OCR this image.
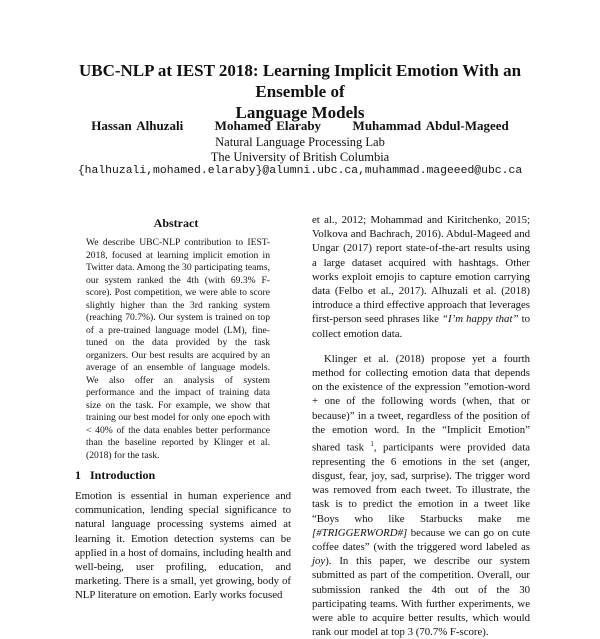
UBC-NLP at IEST 2018: Learning Implicit Emotion With an Ensemble of
Language Models
Hassan Alhuzali      Mohamed Elaraby      Muhammad Abdul-Mageed
Natural Language Processing Lab
The University of British Columbia
{halhuzali,mohamed.elaraby}@alumni.ubc.ca,muhammad.mageeed@ubc.ca
Abstract

We describe UBC-NLP contribution to IEST-2018, focused at learning implicit emotion in Twitter data. Among the 30 participating teams, our system ranked the 4th (with 69.3% F-score). Post competition, we were able to score slightly higher than the 3rd ranking system (reaching 70.7%). Our system is trained on top of a pre-trained language model (LM), fine-tuned on the data provided by the task organizers. Our best results are acquired by an average of an ensemble of language models. We also offer an analysis of system performance and the impact of training data size on the task. For example, we show that training our best model for only one epoch with < 40% of the data enables better performance than the baseline reported by Klinger et al. (2018) for the task.

1   Introduction

Emotion is essential in human experience and communication, lending special significance to natural language processing systems aimed at learning it. Emotion detection systems can be applied in a host of domains, including health and well-being, user profiling, education, and marketing. There is a small, yet growing, body of NLP literature on emotion. Early works focused

et al., 2012; Mohammad and Kiritchenko, 2015; Volkova and Bachrach, 2016). Abdul-Mageed and Ungar (2017) report state-of-the-art results using a large dataset acquired with hashtags. Other works exploit emojis to capture emotion carrying data (Felbo et al., 2017). Alhuzali et al. (2018) introduce a third effective approach that leverages first-person seed phrases like “I’m happy that” to collect emotion data.

Klinger et al. (2018) propose yet a fourth method for collecting emotion data that depends on the existence of the expression ”emotion-word + one of the following words (when, that or because)” in a tweet, regardless of the position of the emotion word. In the “Implicit Emotion” shared task $^1$, participants were provided data representing the 6 emotions in the set (anger, disgust, fear, joy, sad, surprise). The trigger word was removed from each tweet. To illustrate, the task is to predict the emotion in a tweet like “Boys who like Starbucks make me [#TRIGGERWORD#] because we can go on cute coffee dates” (with the triggered word labeled as joy). In this paper, we describe our system submitted as part of the competition. Overall, our submission ranked the 4th out of the 30 participating teams. With further experiments, we were able to acquire better results, which would rank our model at top 3 (70.7% F-score).
